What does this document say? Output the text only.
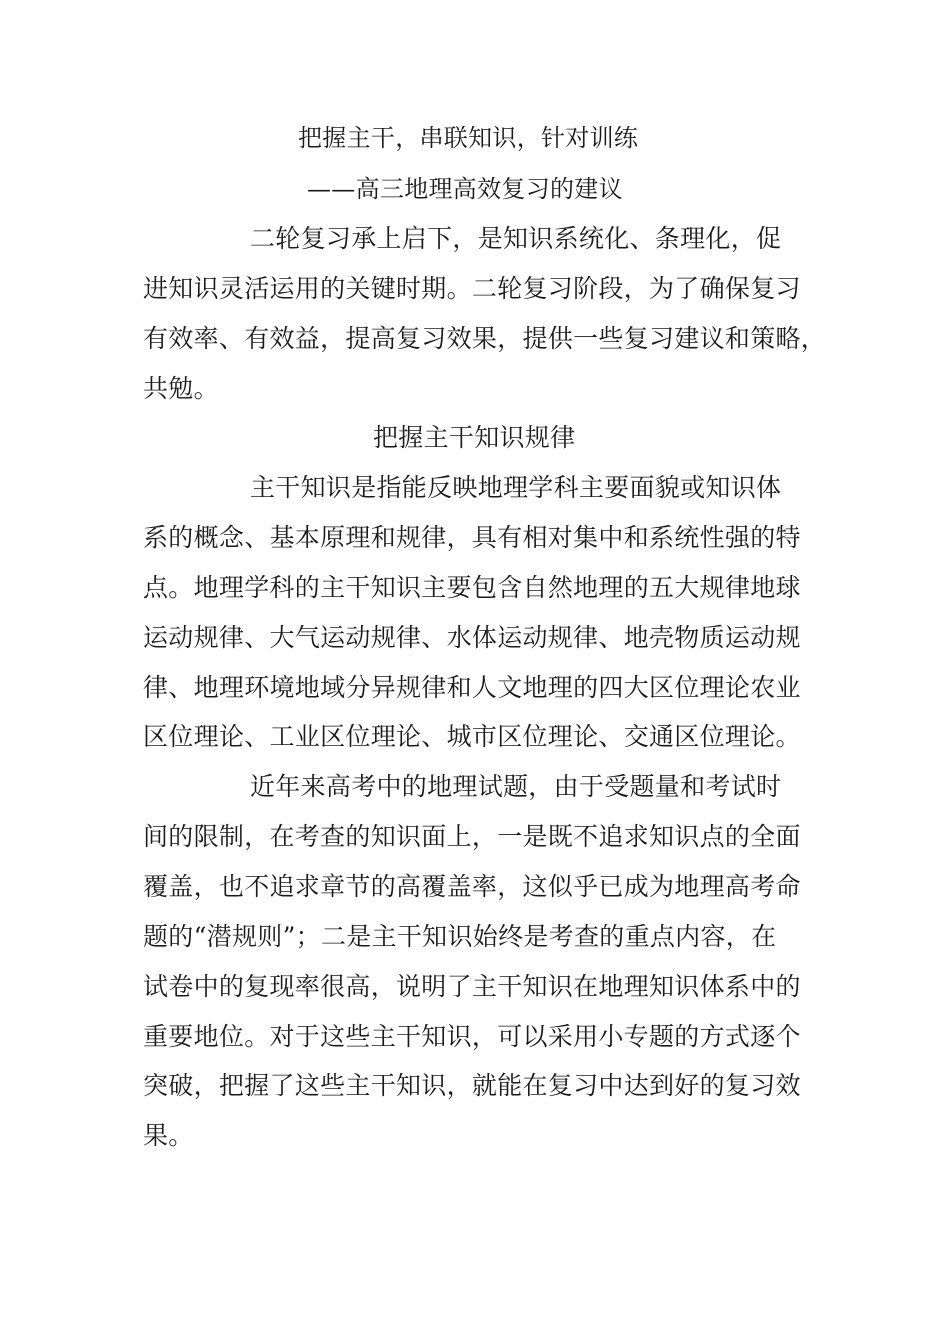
把握主干，串联知识，针对训练
——高三地理高效复习的建议
二轮复习承上启下，是知识系统化、条理化，促
进知识灵活运用的关键时期。二轮复习阶段，为了确保复习
有效率、有效益，提高复习效果，提供一些复习建议和策略，
共勉。
把握主干知识规律
主干知识是指能反映地理学科主要面貌或知识体
系的概念、基本原理和规律，具有相对集中和系统性强的特
点。地理学科的主干知识主要包含自然地理的五大规律地球
运动规律、大气运动规律、水体运动规律、地壳物质运动规
律、地理环境地域分异规律和人文地理的四大区位理论农业
区位理论、工业区位理论、城市区位理论、交通区位理论。
近年来高考中的地理试题，由于受题量和考试时
间的限制，在考查的知识面上，一是既不追求知识点的全面
覆盖，也不追求章节的高覆盖率，这似乎已成为地理高考命
题的“潜规则”；二是主干知识始终是考查的重点内容，在
试卷中的复现率很高，说明了主干知识在地理知识体系中的
重要地位。对于这些主干知识，可以采用小专题的方式逐个
突破，把握了这些主干知识，就能在复习中达到好的复习效
果。
